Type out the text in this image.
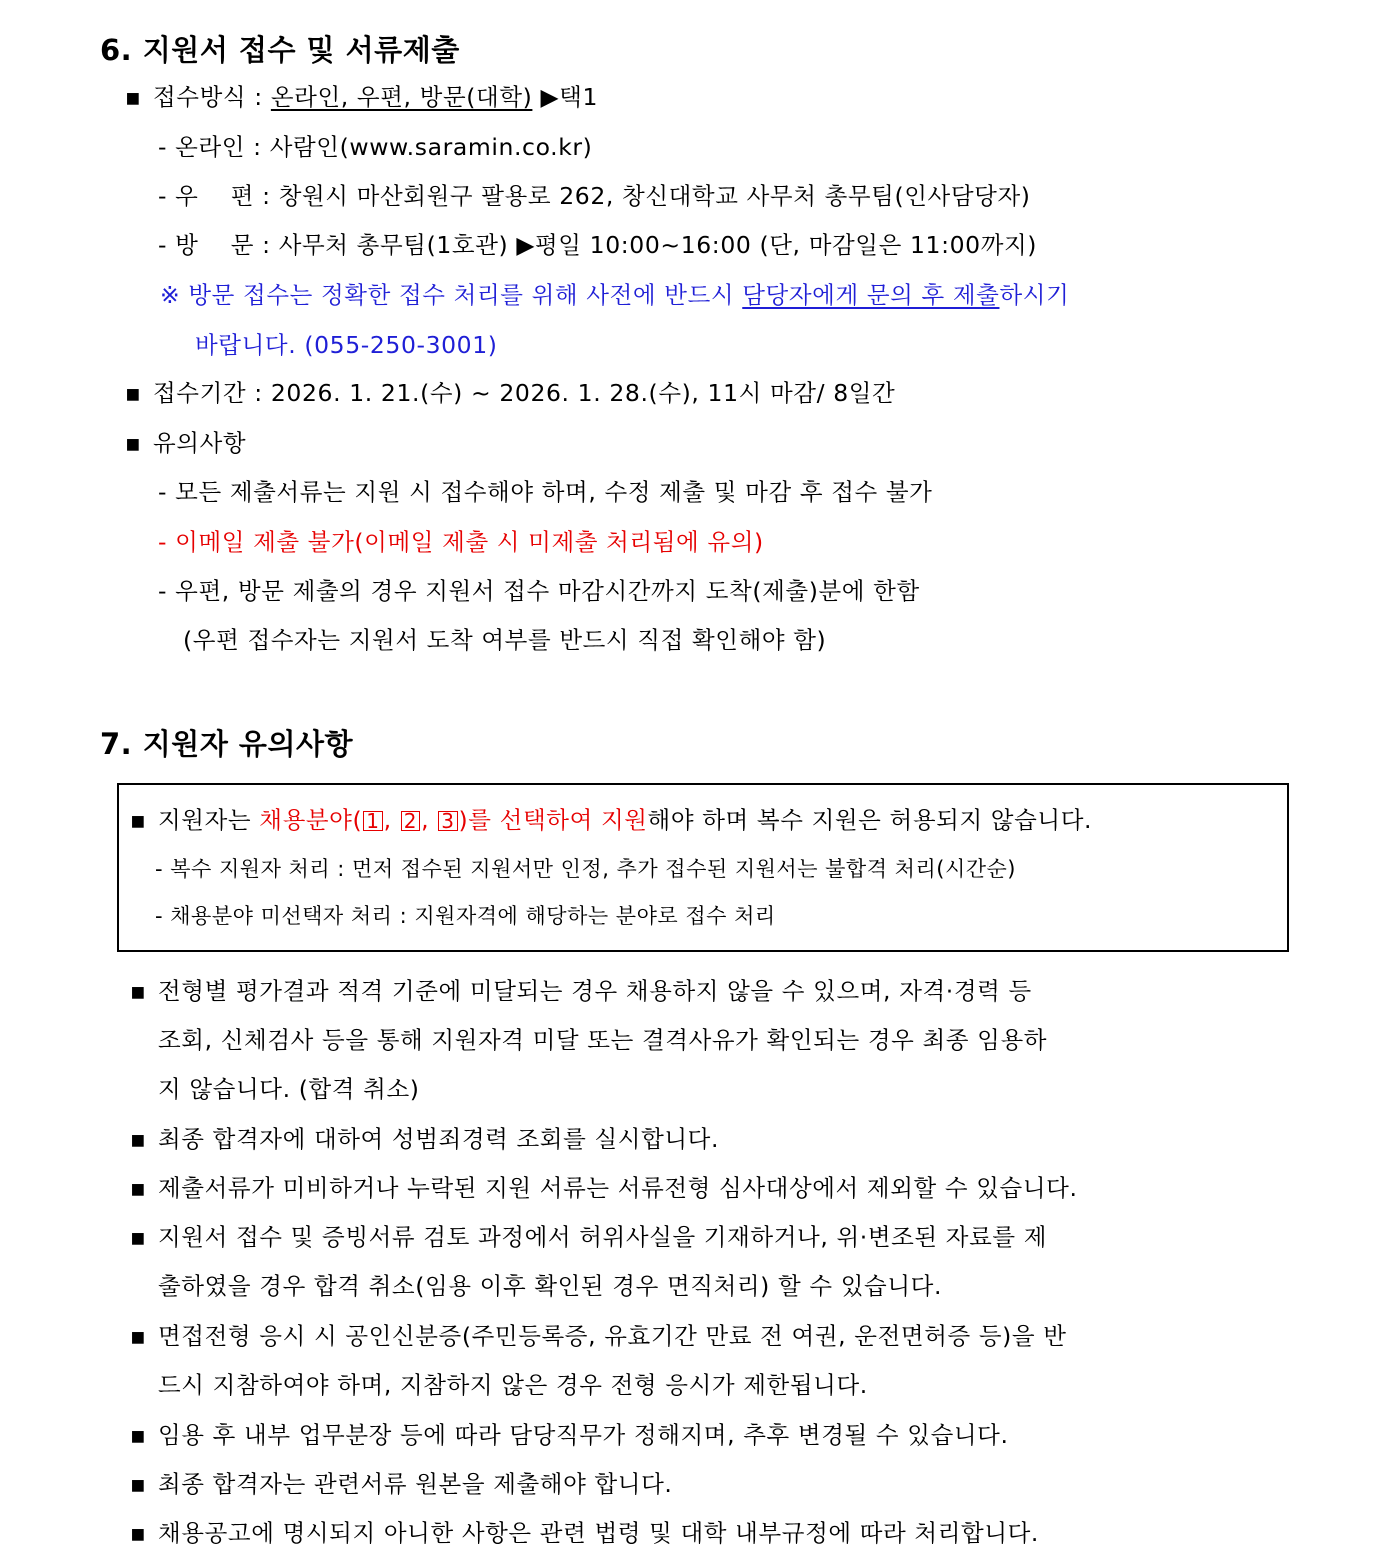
6. 지원서 접수 및 서류제출
▪ 접수방식 : 온라인, 우편, 방문(대학) ▶택1
- 온라인 : 사람인(www.saramin.co.kr)
- 우    편 : 창원시 마산회원구 팔용로 262, 창신대학교 사무처 총무팀(인사담당자)
- 방    문 : 사무처 총무팀(1호관) ▶평일 10:00~16:00 (단, 마감일은 11:00까지)
※ 방문 접수는 정확한 접수 처리를 위해 사전에 반드시 담당자에게 문의 후 제출하시기
바랍니다. (055-250-3001)
▪ 접수기간 : 2026. 1. 21.(수) ~ 2026. 1. 28.(수), 11시 마감/ 8일간
▪ 유의사항
- 모든 제출서류는 지원 시 접수해야 하며, 수정 제출 및 마감 후 접수 불가
- 이메일 제출 불가(이메일 제출 시 미제출 처리됨에 유의)
- 우편, 방문 제출의 경우 지원서 접수 마감시간까지 도착(제출)분에 한함
(우편 접수자는 지원서 도착 여부를 반드시 직접 확인해야 함)
7. 지원자 유의사항
▪ 지원자는 채용분야( 1 , 2 , 3 )를 선택하여 지원해야 하며 복수 지원은 허용되지 않습니다.
- 복수 지원자 처리 : 먼저 접수된 지원서만 인정, 추가 접수된 지원서는 불합격 처리(시간순)
- 채용분야 미선택자 처리 : 지원자격에 해당하는 분야로 접수 처리
▪ 전형별 평가결과 적격 기준에 미달되는 경우 채용하지 않을 수 있으며, 자격·경력 등
조회, 신체검사 등을 통해 지원자격 미달 또는 결격사유가 확인되는 경우 최종 임용하
지 않습니다. (합격 취소)
▪ 최종 합격자에 대하여 성범죄경력 조회를 실시합니다.
▪ 제출서류가 미비하거나 누락된 지원 서류는 서류전형 심사대상에서 제외할 수 있습니다.
▪ 지원서 접수 및 증빙서류 검토 과정에서 허위사실을 기재하거나, 위·변조된 자료를 제
출하였을 경우 합격 취소(임용 이후 확인된 경우 면직처리) 할 수 있습니다.
▪ 면접전형 응시 시 공인신분증(주민등록증, 유효기간 만료 전 여권, 운전면허증 등)을 반
드시 지참하여야 하며, 지참하지 않은 경우 전형 응시가 제한됩니다.
▪ 임용 후 내부 업무분장 등에 따라 담당직무가 정해지며, 추후 변경될 수 있습니다.
▪ 최종 합격자는 관련서류 원본을 제출해야 합니다.
▪ 채용공고에 명시되지 아니한 사항은 관련 법령 및 대학 내부규정에 따라 처리합니다.
